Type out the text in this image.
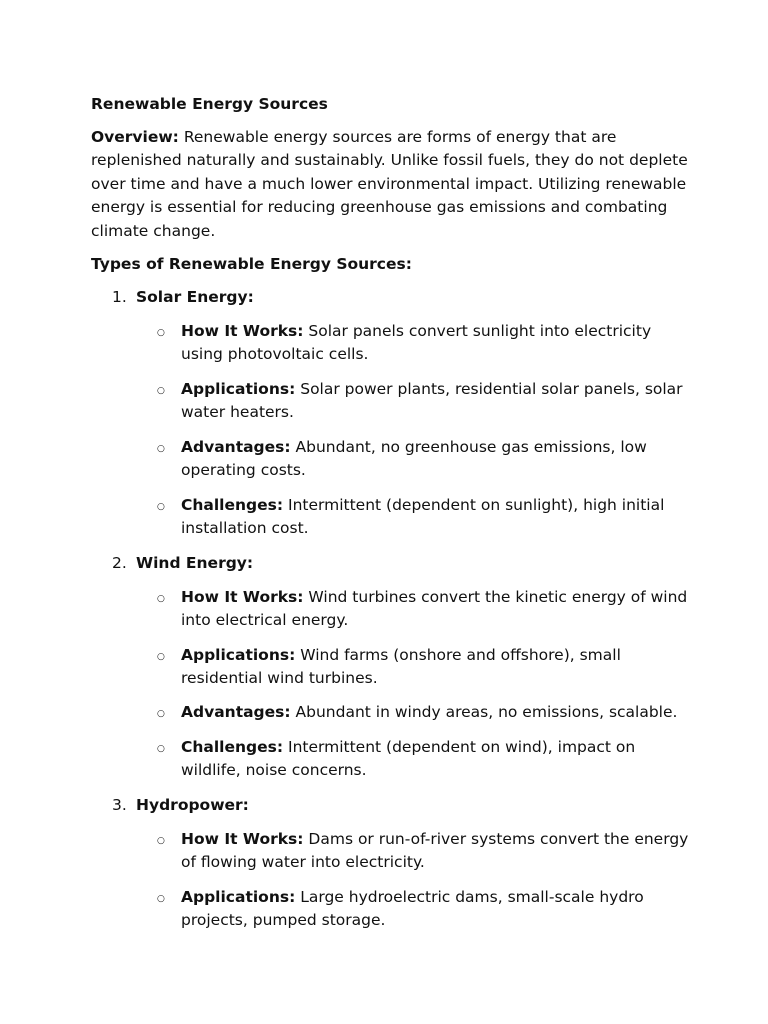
Renewable Energy Sources

Overview: Renewable energy sources are forms of energy that are replenished naturally and sustainably. Unlike fossil fuels, they do not deplete over time and have a much lower environmental impact. Utilizing renewable energy is essential for reducing greenhouse gas emissions and combating climate change.

Types of Renewable Energy Sources:
1. Solar Energy:
○ How It Works: Solar panels convert sunlight into electricity using photovoltaic cells.
○ Applications: Solar power plants, residential solar panels, solar water heaters.
○ Advantages: Abundant, no greenhouse gas emissions, low operating costs.
○ Challenges: Intermittent (dependent on sunlight), high initial installation cost.
2. Wind Energy:
○ How It Works: Wind turbines convert the kinetic energy of wind into electrical energy.
○ Applications: Wind farms (onshore and offshore), small residential wind turbines.
○ Advantages: Abundant in windy areas, no emissions, scalable.
○ Challenges: Intermittent (dependent on wind), impact on wildlife, noise concerns.
3. Hydropower:
○ How It Works: Dams or run-of-river systems convert the energy of flowing water into electricity.
○ Applications: Large hydroelectric dams, small-scale hydro projects, pumped storage.
